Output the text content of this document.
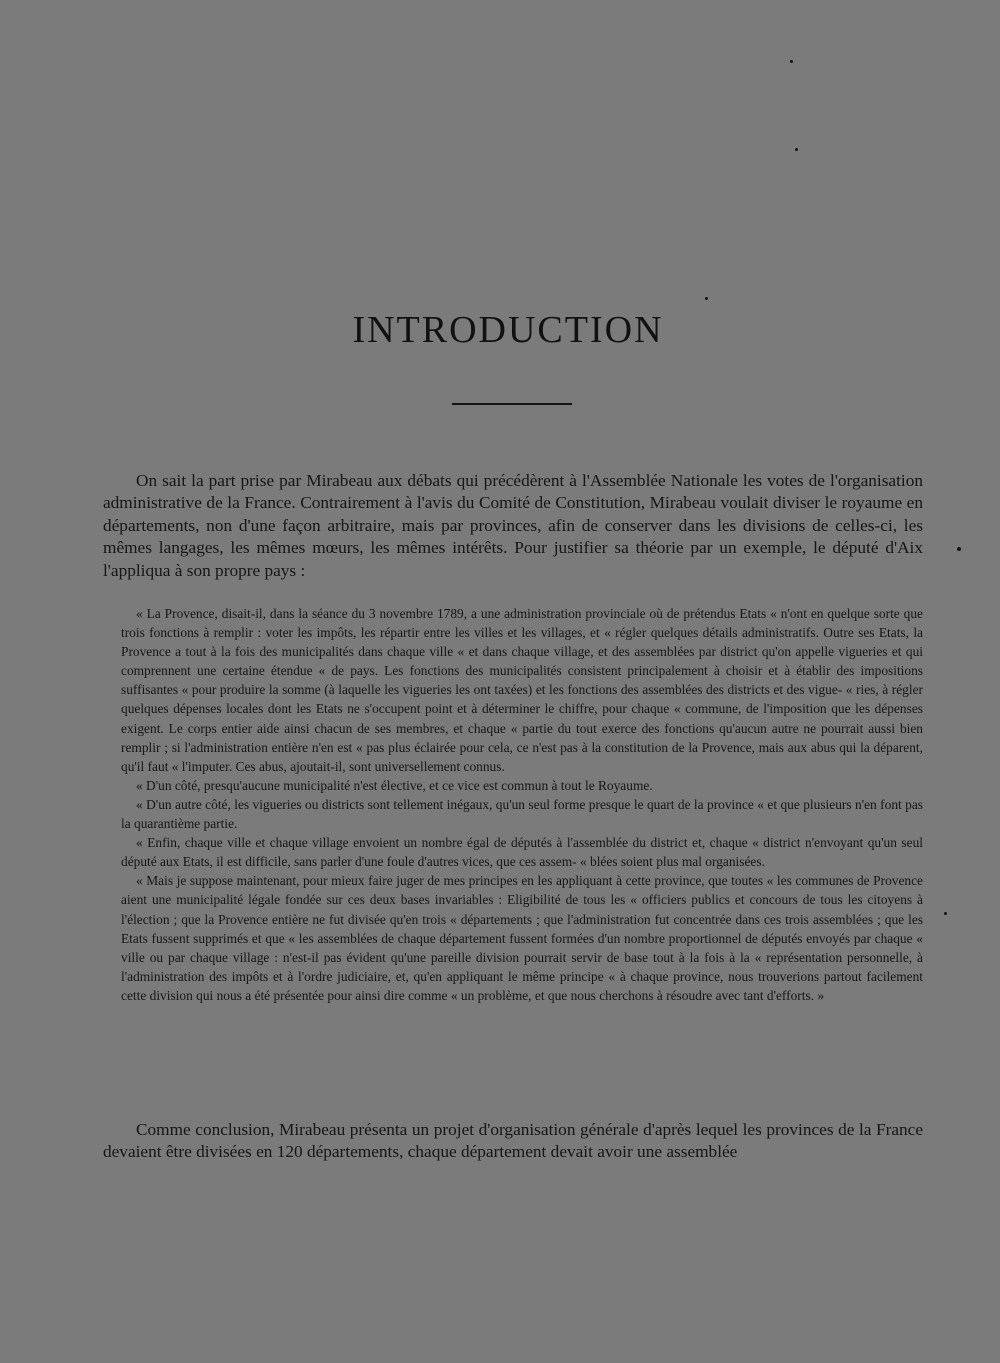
INTRODUCTION

On sait la part prise par Mirabeau aux débats qui précédèrent à l'Assemblée Nationale les votes de l'organisation administrative de la France. Contrairement à l'avis du Comité de Constitution, Mirabeau voulait diviser le royaume en départements, non d'une façon arbitraire, mais par provinces, afin de conserver dans les divisions de celles-ci, les mêmes langages, les mêmes mœurs, les mêmes intérêts. Pour justifier sa théorie par un exemple, le député d'Aix l'appliqua à son propre pays :

« La Provence, disait-il, dans la séance du 3 novembre 1789, a une administration provinciale où de prétendus Etats « n'ont en quelque sorte que trois fonctions à remplir : voter les impôts, les répartir entre les villes et les villages, et « régler quelques détails administratifs. Outre ses Etats, la Provence a tout à la fois des municipalités dans chaque ville « et dans chaque village, et des assemblées par district qu'on appelle vigueries et qui comprennent une certaine étendue « de pays. Les fonctions des municipalités consistent principalement à choisir et à établir des impositions suffisantes « pour produire la somme (à laquelle les vigueries les ont taxées) et les fonctions des assemblées des districts et des vigue- « ries, à régler quelques dépenses locales dont les Etats ne s'occupent point et à déterminer le chiffre, pour chaque « commune, de l'imposition que les dépenses exigent. Le corps entier aide ainsi chacun de ses membres, et chaque « partie du tout exerce des fonctions qu'aucun autre ne pourrait aussi bien remplir ; si l'administration entière n'en est « pas plus éclairée pour cela, ce n'est pas à la constitution de la Provence, mais aux abus qui la déparent, qu'il faut « l'imputer. Ces abus, ajoutait-il, sont universellement connus.

« D'un côté, presqu'aucune municipalité n'est élective, et ce vice est commun à tout le Royaume.

« D'un autre côté, les vigueries ou districts sont tellement inégaux, qu'un seul forme presque le quart de la province « et que plusieurs n'en font pas la quarantième partie.

« Enfin, chaque ville et chaque village envoient un nombre égal de députés à l'assemblée du district et, chaque « district n'envoyant qu'un seul député aux Etats, il est difficile, sans parler d'une foule d'autres vices, que ces assem- « blées soient plus mal organisées.

« Mais je suppose maintenant, pour mieux faire juger de mes principes en les appliquant à cette province, que toutes « les communes de Provence aient une municipalité légale fondée sur ces deux bases invariables : Eligibilité de tous les « officiers publics et concours de tous les citoyens à l'élection ; que la Provence entière ne fut divisée qu'en trois « départements ; que l'administration fut concentrée dans ces trois assemblées ; que les Etats fussent supprimés et que « les assemblées de chaque département fussent formées d'un nombre proportionnel de députés envoyés par chaque « ville ou par chaque village : n'est-il pas évident qu'une pareille division pourrait servir de base tout à la fois à la « représentation personnelle, à l'administration des impôts et à l'ordre judiciaire, et, qu'en appliquant le même principe « à chaque province, nous trouverions partout facilement cette division qui nous a été présentée pour ainsi dire comme « un problème, et que nous cherchons à résoudre avec tant d'efforts. »

Comme conclusion, Mirabeau présenta un projet d'organisation générale d'après lequel les provinces de la France devaient être divisées en 120 départements, chaque département devait avoir une assemblée
